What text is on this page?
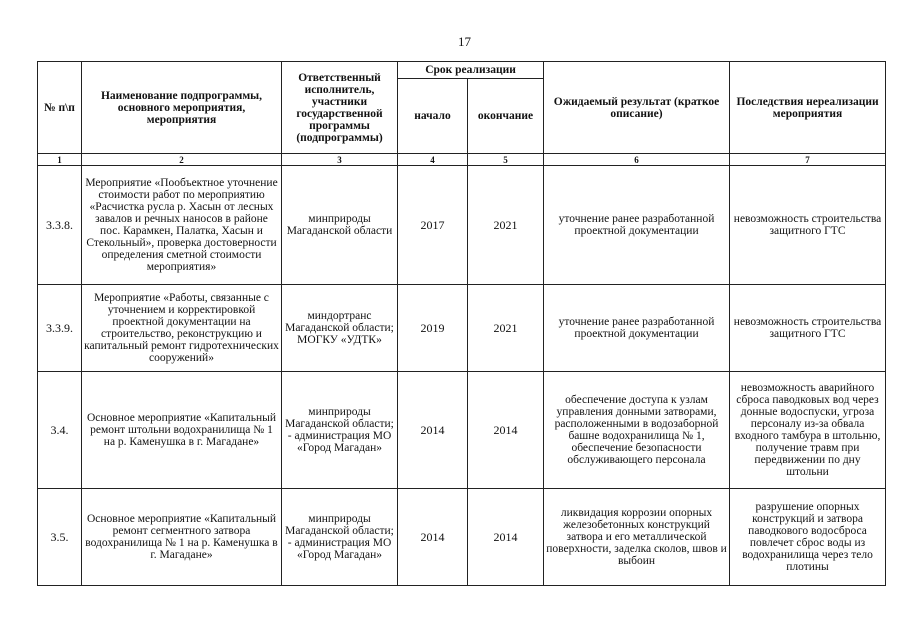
17
№ п\п	Наименование подпрограммы, основного мероприятия, мероприятия	Ответственный исполнитель, участники государственной программы (подпрограммы)	Срок реализации		Ожидаемый результат (краткое описание)	Последствия нереализации мероприятия
			начало	окончание		
1	2	3	4	5	6	7
3.3.8.	Мероприятие «Пообъектное уточнение стоимости работ по мероприятию «Расчистка русла р. Хасын от лесных завалов и речных наносов в районе пос. Карамкен, Палатка, Хасын и Стекольный», проверка достоверности определения сметной стоимости мероприятия»	минприроды Магаданской области	2017	2021	уточнение ранее разработанной проектной документации	невозможность строительства защитного ГТС
3.3.9.	Мероприятие «Работы, связанные с уточнением и корректировкой проектной документации на строительство, реконструкцию и капитальный ремонт гидротехнических сооружений»	миндортранс Магаданской области; МОГКУ «УДТК»	2019	2021	уточнение ранее разработанной проектной документации	невозможность строительства защитного ГТС
3.4.	Основное мероприятие «Капитальный ремонт штольни водохранилища № 1 на р. Каменушка в г. Магадане»	минприроды Магаданской области; - администрация МО «Город Магадан»	2014	2014	обеспечение доступа к узлам управления донными затворами, расположенными в водозаборной башне водохранилища № 1, обеспечение безопасности обслуживающего персонала	невозможность аварийного сброса паводковых вод через донные водоспуски, угроза персоналу из-за обвала входного тамбура в штольню, получение травм при передвижении по дну штольни
3.5.	Основное мероприятие «Капитальный ремонт сегментного затвора водохранилища № 1 на р. Каменушка в г. Магадане»	минприроды Магаданской области; - администрация МО «Город Магадан»	2014	2014	ликвидация коррозии опорных железобетонных конструкций затвора и его металлической поверхности, заделка сколов, швов и выбоин	разрушение опорных конструкций и затвора паводкового водосброса повлечет сброс воды из водохранилища через тело плотины
